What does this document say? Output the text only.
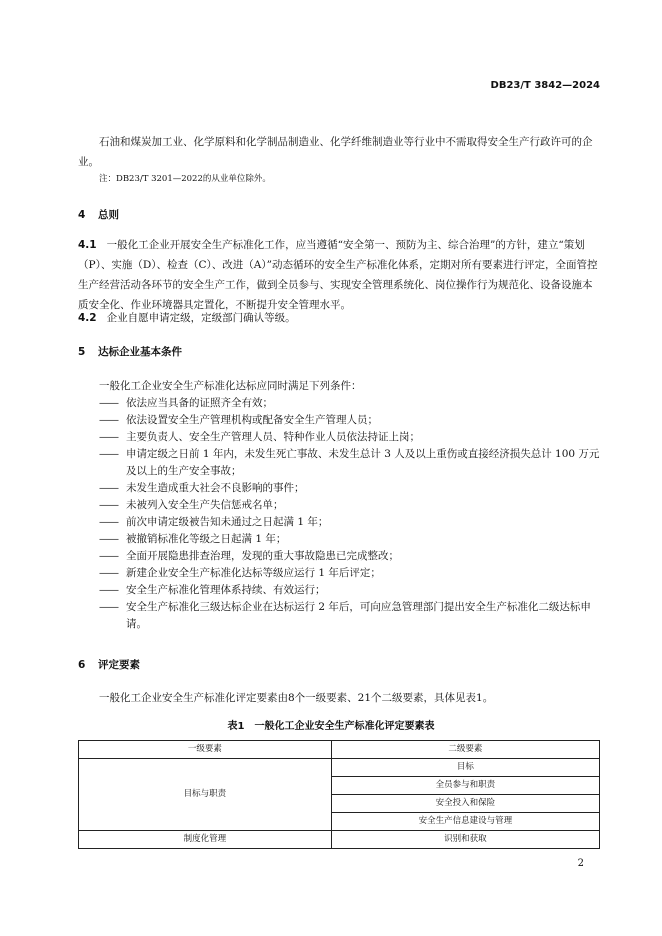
DB23/T 3842—2024
石油和煤炭加工业、化学原料和化学制品制造业、化学纤维制造业等行业中不需取得安全生产行政许可的企业。
注：DB23/T 3201—2022的从业单位除外。
4 总则
4.1 一般化工企业开展安全生产标准化工作，应当遵循“安全第一、预防为主、综合治理”的方针，建立“策划（P）、实施（D）、检查（C）、改进（A）”动态循环的安全生产标准化体系，定期对所有要素进行评定，全面管控生产经营活动各环节的安全生产工作，做到全员参与、实现安全管理系统化、岗位操作行为规范化、设备设施本质安全化、作业环境器具定置化，不断提升安全管理水平。
4.2 企业自愿申请定级，定级部门确认等级。
5 达标企业基本条件
一般化工企业安全生产标准化达标应同时满足下列条件：
—— 依法应当具备的证照齐全有效；
—— 依法设置安全生产管理机构或配备安全生产管理人员；
—— 主要负责人、安全生产管理人员、特种作业人员依法持证上岗；
—— 申请定级之日前 1 年内，未发生死亡事故、未发生总计 3 人及以上重伤或直接经济损失总计 100 万元及以上的生产安全事故；
—— 未发生造成重大社会不良影响的事件；
—— 未被列入安全生产失信惩戒名单；
—— 前次申请定级被告知未通过之日起满 1 年；
—— 被撤销标准化等级之日起满 1 年；
—— 全面开展隐患排查治理，发现的重大事故隐患已完成整改；
—— 新建企业安全生产标准化达标等级应运行 1 年后评定；
—— 安全生产标准化管理体系持续、有效运行；
—— 安全生产标准化三级达标企业在达标运行 2 年后，可向应急管理部门提出安全生产标准化二级达标申请。
6 评定要素
一般化工企业安全生产标准化评定要素由8个一级要素、21个二级要素，具体见表1。
表1　一般化工企业安全生产标准化评定要素表
一级要素	二级要素
目标与职责	目标
	全员参与和职责
	安全投入和保险
	安全生产信息建设与管理
制度化管理	识别和获取
2
